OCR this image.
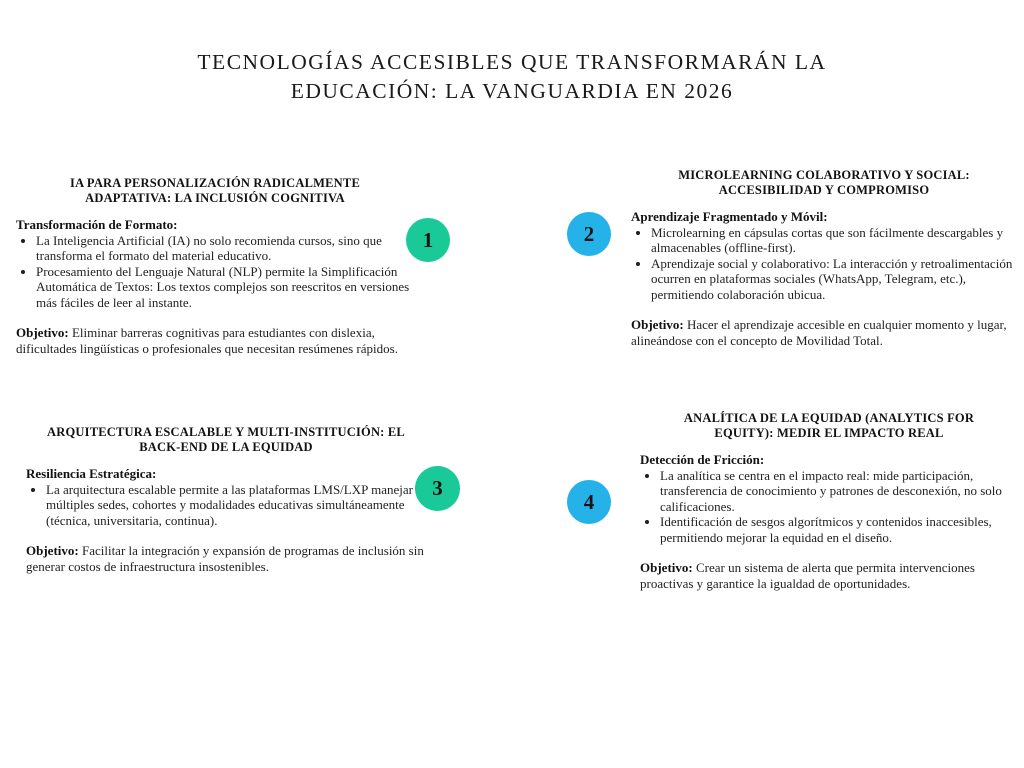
TECNOLOGÍAS ACCESIBLES QUE TRANSFORMARÁN LA
EDUCACIÓN: LA VANGUARDIA EN 2026
IA PARA PERSONALIZACIÓN RADICALMENTE
ADAPTATIVA: LA INCLUSIÓN COGNITIVA

Transformación de Formato:

• La Inteligencia Artificial (IA) no solo recomienda cursos, sino que transforma el formato del material educativo.
• Procesamiento del Lenguaje Natural (NLP) permite la Simplificación Automática de Textos: Los textos complejos son reescritos en versiones más fáciles de leer al instante.

Objetivo: Eliminar barreras cognitivas para estudiantes con dislexia, dificultades lingüísticas o profesionales que necesitan resúmenes rápidos.

MICROLEARNING COLABORATIVO Y SOCIAL:
ACCESIBILIDAD Y COMPROMISO

Aprendizaje Fragmentado y Móvil:

• Microlearning en cápsulas cortas que son fácilmente descargables y almacenables (offline-first).
• Aprendizaje social y colaborativo: La interacción y retroalimentación ocurren en plataformas sociales (WhatsApp, Telegram, etc.), permitiendo colaboración ubicua.

Objetivo: Hacer el aprendizaje accesible en cualquier momento y lugar, alineándose con el concepto de Movilidad Total.

ARQUITECTURA ESCALABLE Y MULTI-INSTITUCIÓN: EL
BACK-END DE LA EQUIDAD

Resiliencia Estratégica:

• La arquitectura escalable permite a las plataformas LMS/LXP manejar múltiples sedes, cohortes y modalidades educativas simultáneamente (técnica, universitaria, continua).

Objetivo: Facilitar la integración y expansión de programas de inclusión sin generar costos de infraestructura insostenibles.

ANALÍTICA DE LA EQUIDAD (ANALYTICS FOR
EQUITY): MEDIR EL IMPACTO REAL

Detección de Fricción:

• La analítica se centra en el impacto real: mide participación, transferencia de conocimiento y patrones de desconexión, no solo calificaciones.
• Identificación de sesgos algorítmicos y contenidos inaccesibles, permitiendo mejorar la equidad en el diseño.

Objetivo: Crear un sistema de alerta que permita intervenciones proactivas y garantice la igualdad de oportunidades.

1	2
3
4
